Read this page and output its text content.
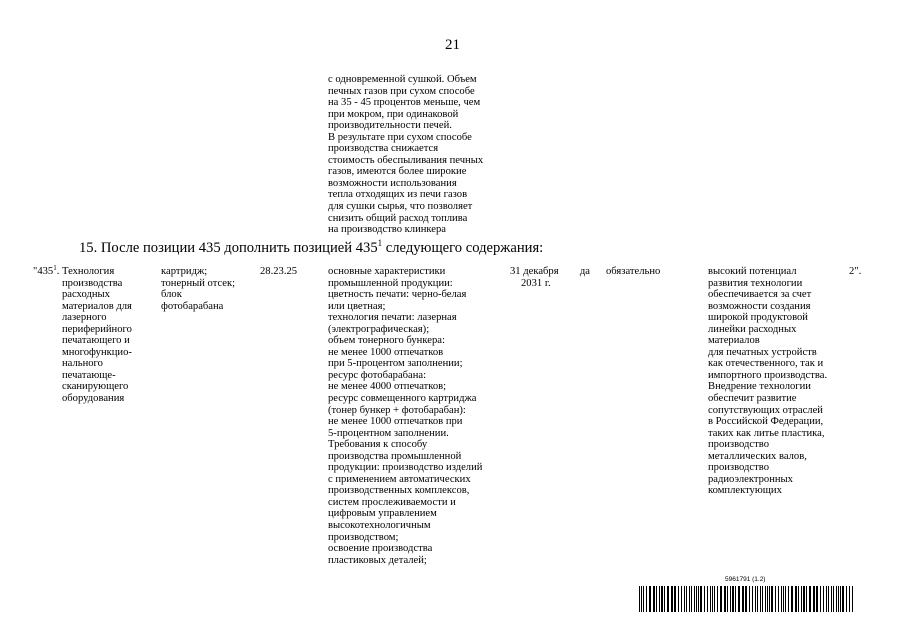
21
с одновременной сушкой. Объем
печных газов при сухом способе
на 35 - 45 процентов меньше, чем
при мокром, при одинаковой
производительности печей.
В результате при сухом способе
производства снижается
стоимость обеспыливания печных
газов, имеются более широкие
возможности использования
тепла отходящих из печи газов
для сушки сырья, что позволяет
снизить общий расход топлива
на производство клинкера
15. После позиции 435 дополнить позицией $435^1$ следующего содержания:
"$435^1$. Технология
производства
расходных
материалов для
лазерного
периферийного
печатающего и
многофункцио-
нального
печатающе-
сканирующего
оборудования
картридж;
тонерный отсек;
блок
фотобарабана
28.23.25	основные характеристики
промышленной продукции:
цветность печати: черно-белая
или цветная;
технология печати: лазерная
(электрографическая);
объем тонерного бункера:
не менее 1000 отпечатков
при 5-процентом заполнении;
ресурс фотобарабана:
не менее 4000 отпечатков;
ресурс совмещенного картриджа
(тонер бункер + фотобарабан):
не менее 1000 отпечатков при
5-процентном заполнении.
Требования к способу
производства промышленной
продукции: производство изделий
с применением автоматических
производственных комплексов,
систем прослеживаемости и
цифровым управлением
высокотехнологичным
производством;
освоение производства
пластиковых деталей;
31 декабря да
2031 г.
обязательно	высокий потенциал
развития технологии
обеспечивается за счет
возможности создания
широкой продуктовой
линейки расходных
материалов
для печатных устройств
как отечественного, так и
импортного производства.
Внедрение технологии
обеспечит развитие
сопутствующих отраслей
в Российской Федерации,
таких как литье пластика,
производство
металлических валов,
производство
радиоэлектронных
комплектующих
2".
5961791 (1.2)
